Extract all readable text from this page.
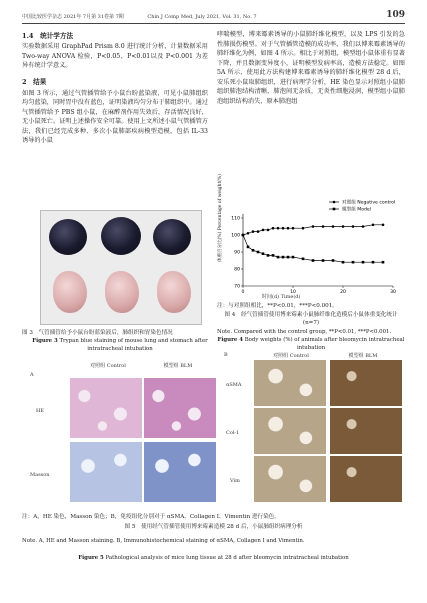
中国比较医学杂志 2021年 7月第 31卷第 7期	Chin J Comp Med, July 2021, Vol. 31, No. 7	109
1.4　统计学方法
实验数据采用 GraphPad Prism 8.0 进行统计分析，计量数据采用 Two-way ANOVA 检验，P<0.05、P<0.01以及 P<0.001 为差异有统计学意义。
2　结果
如图 3 所示，通过气管插管给予小鼠台盼蓝染液，可见小鼠肺组织均匀蓝染，同时胃中没有蓝色，证明染液均匀分布于肺组织中。通过气管插管给予 PBS 组小鼠，在麻醉剂作用失效后，存活情况良好，无小鼠死亡。证明上述操作安全可靠。使用上文所述小鼠气管插管方法，我们已经完成多种、多次小鼠肺部疾病模型造模，包括 IL-33 诱导的小鼠
哮喘模型，博来霉素诱导的小鼠肺纤维化模型，以及 LPS 引发的急性肺损伤模型。对于气管插管造模的成功率，我们以博来霉素诱导的肺纤维化为例，如图 4 所示。相比于对照组，模型组小鼠体重有显著下降，并且数据变异度小，证明模型发病率高，造模方法稳定。如图 5A 所示，使用此方法构建博来霉素诱导的肺纤维化模型 28 d 后，安乐死小鼠取肺组织，进行病理学分析，HE 染色显示对照组小鼠肺组织肺泡结构清晰，肺泡间无杂质，无炎性细胞浸润，模型组小鼠肺泡组织结构消失，原本肺泡组
图 3　气管插管给予小鼠台盼蓝染液后，肺组织和胃染色情况
Figure 3 Trypan blue staining of mouse lung and stomach after intratracheal intubation
110
100
90
80
70
0	10	20	30
对照组 Negative control
模型组 Model
时间(d) Time(d)
体重百分比(%) Percentage of weight(%)
注：与对照组相比，**P<0.01，***P<0.001。
图 4　经气管插管使用博来霉素小鼠肺纤维化造模后小鼠体重变化统计(n=7)
Note. Compared with the control group, **P<0.01, ***P<0.001.
Figure 4 Body weights (%) of animals after bleomycin intratracheal intubation
A
对照组 Control	模型组 BLM
HE
Masson
B	对照组 Control	模型组 BLM
αSMA
Col-1
Vim
注：A，HE 染色，Masson 染色；B，免疫组化分别对于 αSMA、Collagen Ⅰ、Vimentin 进行染色。
图 5　使用经气管插管使用博来霉素造模 28 d 后，小鼠肺组织病理分析
Note. A, HE and Masson staining. B, Immunohistochemical staining of αSMA, Collagen Ⅰ and Vimentin.
Figure 5 Pathological analysis of mice lung tissue at 28 d after bleomycin intratracheal intubation
